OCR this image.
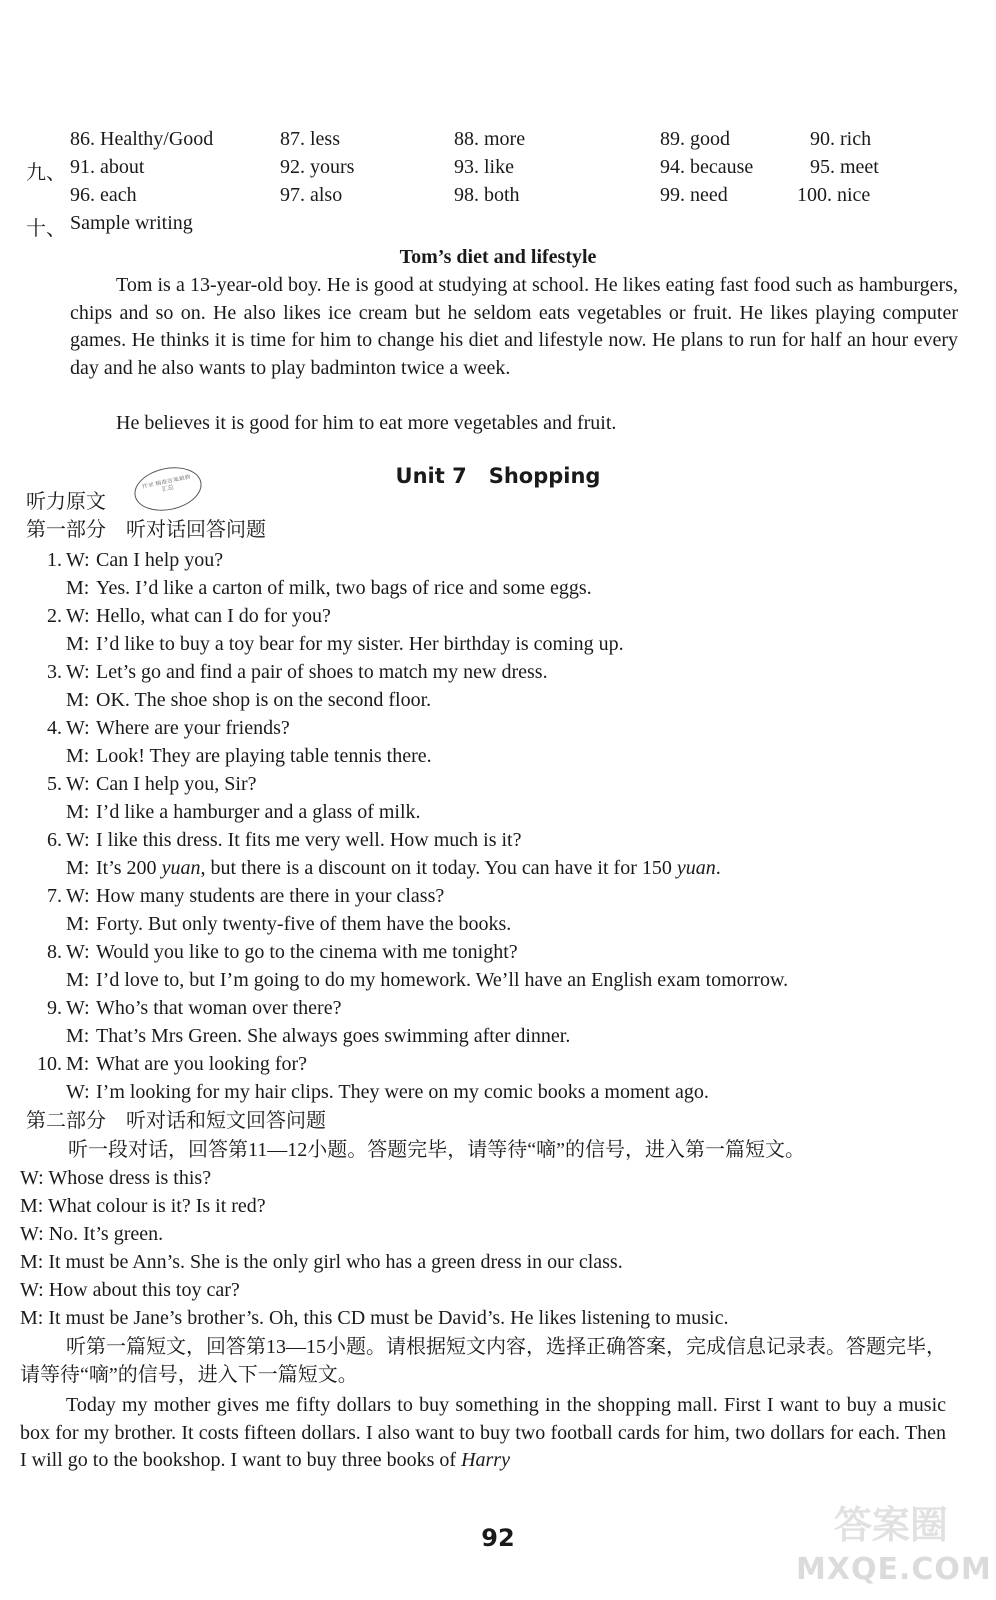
86. Healthy/Good	87. less	88. more	89. good	90. rich
九、 91. about	92. yours	93. like	94. because	95. meet
96. each	97. also	98. both	99. need	100. nice
十、 Sample writing
Tom’s diet and lifestyle

Tom is a 13-year-old boy. He is good at studying at school. He likes eating fast food such as hamburgers, chips and so on. He also likes ice cream but he seldom eats vegetables or fruit. He likes playing computer games. He thinks it is time for him to change his diet and lifestyle now. He plans to run for half an hour every day and he also wants to play badminton twice a week.

He believes it is good for him to eat more vegetables and fruit.

Unit 7 Shopping
作业 精准答案最新汇总
听力原文
第一部分　听对话回答问题
1. W: Can I help you?
M: Yes. I’d like a carton of milk, two bags of rice and some eggs.
2. W: Hello, what can I do for you?
M: I’d like to buy a toy bear for my sister. Her birthday is coming up.
3. W: Let’s go and find a pair of shoes to match my new dress.
M: OK. The shoe shop is on the second floor.
4. W: Where are your friends?
M: Look! They are playing table tennis there.
5. W: Can I help you, Sir?
M: I’d like a hamburger and a glass of milk.
6. W: I like this dress. It fits me very well. How much is it?
M: It’s 200 yuan, but there is a discount on it today. You can have it for 150 yuan.
7. W: How many students are there in your class?
M: Forty. But only twenty-five of them have the books.
8. W: Would you like to go to the cinema with me tonight?
M: I’d love to, but I’m going to do my homework. We’ll have an English exam tomorrow.
9. W: Who’s that woman over there?
M: That’s Mrs Green. She always goes swimming after dinner.
10. M: What are you looking for?
W: I’m looking for my hair clips. They were on my comic books a moment ago.
第二部分　听对话和短文回答问题
听一段对话，回答第11—12小题。答题完毕，请等待“嘀”的信号，进入第一篇短文。
W: Whose dress is this?
M: What colour is it? Is it red?
W: No. It’s green.
M: It must be Ann’s. She is the only girl who has a green dress in our class.
W: How about this toy car?
M: It must be Jane’s brother’s. Oh, this CD must be David’s. He likes listening to music.

听第一篇短文，回答第13—15小题。请根据短文内容，选择正确答案，完成信息记录表。答题完毕，请等待“嘀”的信号，进入下一篇短文。

Today my mother gives me fifty dollars to buy something in the shopping mall. First I want to buy a music box for my brother. It costs fifteen dollars. I also want to buy two football cards for him, two dollars for each. Then I will go to the bookshop. I want to buy three books of Harry

92	答案圈
MXQE.COM
